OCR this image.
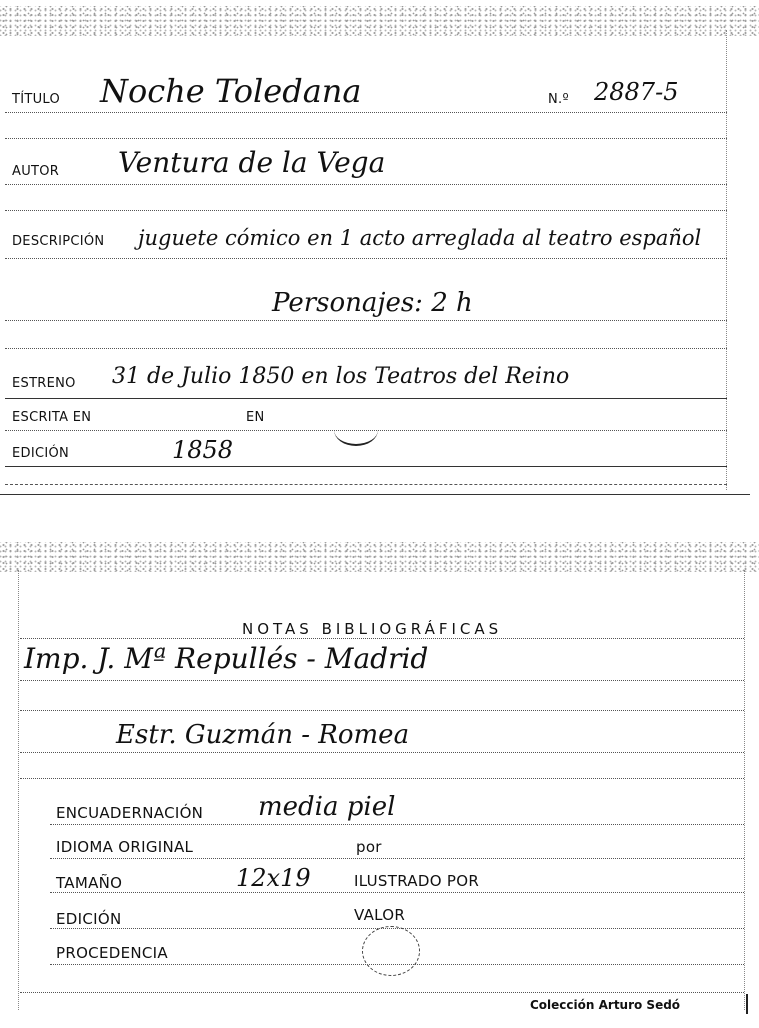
TÍTULO Noche Toledana	N.º 2887-5
AUTOR Ventura de la Vega
DESCRIPCIÓN juguete cómico en 1 acto arreglada al teatro español
Personajes: 2 h
ESTRENO 31 de Julio 1850 en los Teatros del Reino
ESCRITA EN	EN
EDICIÓN	1858
NOTAS BIBLIOGRÁFICAS
Imp. J. Mª Repullés - Madrid
Estr. Guzmán - Romea
ENCUADERNACIÓN media piel
IDIOMA ORIGINAL	por
TAMAÑO	12x19	ILUSTRADO POR
EDICIÓN	VALOR
PROCEDENCIA
Colección Arturo Sedó
